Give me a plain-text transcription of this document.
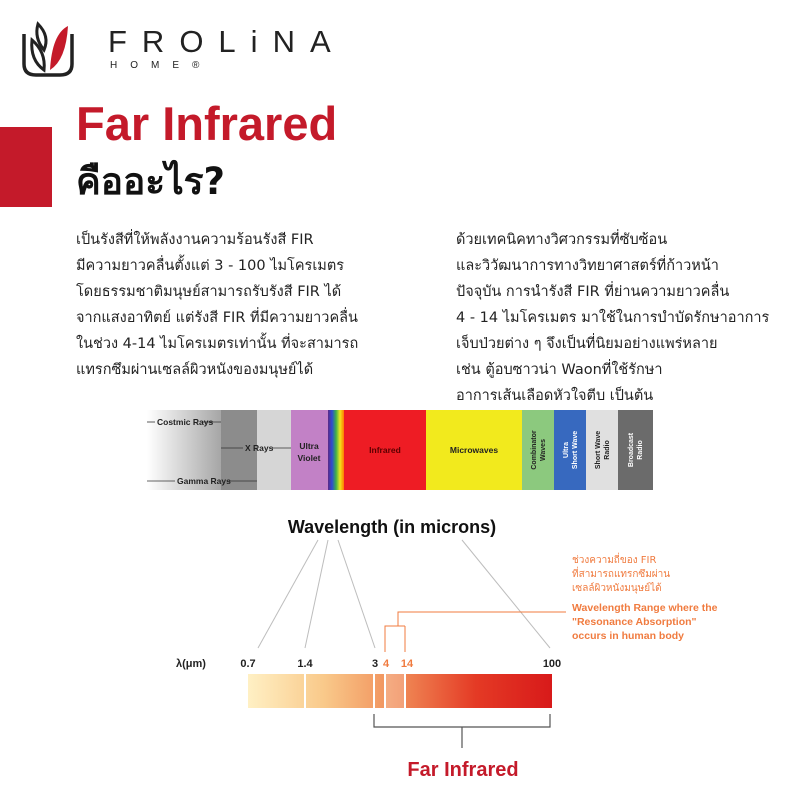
FROLiNA
HOME®
Far Infrared
คืออะไร?
เป็นรังสีที่ให้พลังงานความร้อนรังสี FIR
มีความยาวคลื่นตั้งแต่ 3 - 100 ไมโครเมตร
โดยธรรมชาติมนุษย์สามารถรับรังสี FIR ได้
จากแสงอาทิตย์ แต่รังสี FIR ที่มีความยาวคลื่น
ในช่วง 4-14 ไมโครเมตรเท่านั้น ที่จะสามารถ
แทรกซึมผ่านเซลล์ผิวหนังของมนุษย์ได้
ด้วยเทคนิคทางวิศวกรรมที่ซับซ้อน
และวิวัฒนาการทางวิทยาศาสตร์ที่ก้าวหน้า
ปัจจุบัน การนำรังสี FIR ที่ย่านความยาวคลื่น
4 - 14 ไมโครเมตร มาใช้ในการบำบัดรักษาอาการ
เจ็บป่วยต่าง ๆ จึงเป็นที่นิยมอย่างแพร่หลาย
เช่น ตู้อบซาวน่า Waonที่ใช้รักษา
อาการเส้นเลือดหัวใจตีบ เป็นต้น
Costmic Rays
X Rays
Gamma Rays
Ultra
Violet
Infrared	Microwaves	Combinator Waves Ultra Short Wave Short Wave Radio Broadcast Radio
Wavelength (in microns)
ช่วงความถี่ของ FIR
ที่สามารถแทรกซึมผ่าน
เซลล์ผิวหนังมนุษย์ได้
Wavelength Range where the
"Resonance Absorption"
occurs in human body
λ(μm)	0.7	1.4	3 4 14	100
Far Infrared
